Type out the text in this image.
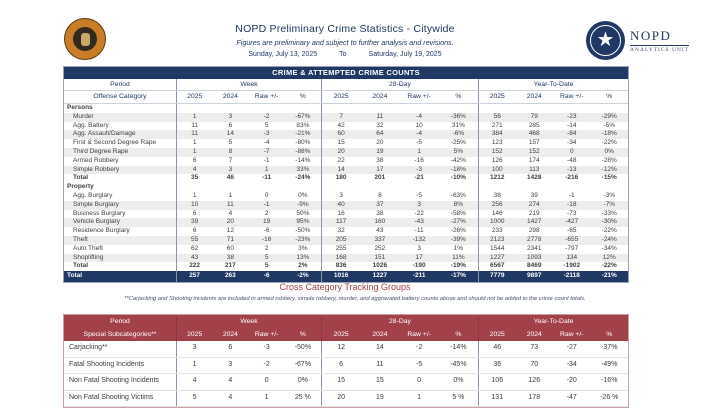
NOPD Preliminary Crime Statistics - Citywide
Figures are preliminary and subject to further analysis and revisions.
Sunday, July 13, 2025	To	Saturday, July 19, 2025
★ NOPD
ANALYTICS UNIT
CRIME & ATTEMPTED CRIME COUNTS
Period	Week	28-Day	Year-To-Date
Offense Category	2025	2024	Raw +/-	%	2025	2024	Raw +/-	%	2025	2024	Raw +/-	%
Persons
Murder	1	3	-2	-67%	7	11	-4	-36%	56	79	-23	-29%
Agg. Battery	11	6	5	83%	42	32	10	31%	271	285	-14	-5%
Agg. Assault/Damage	11	14	-3	-21%	60	64	-4	-6%	384	468	-84	-18%
First & Second Degree Rape	1	5	-4	-80%	15	20	-5	-25%	123	157	-34	-22%
Third Degree Rape	1	8	-7	-88%	20	19	1	5%	152	152	0	0%
Armed Robbery	6	7	-1	-14%	22	38	-16	-42%	126	174	-48	-28%
Simple Robbery	4	3	1	33%	14	17	-3	-18%	100	113	-13	-12%
Total	35	46	-11	-24%	180	201	-21	-10%	1212	1428	-216	-15%
Property
Agg. Burglary	1	1	0	0%	3	8	-5	-63%	38	39	-1	-3%
Simple Burglary	10	11	-1	-9%	40	37	3	8%	256	274	-18	-7%
Business Burglary	6	4	2	50%	16	38	-22	-58%	146	219	-73	-33%
Vehicle Burglary	39	20	19	95%	117	160	-43	-27%	1000	1427	-427	-30%
Residence Burglary	6	12	-6	-50%	32	43	-11	-26%	233	298	-65	-22%
Theft	55	71	-16	-23%	205	337	-132	-39%	2123	2778	-655	-24%
Auto Theft	62	60	2	3%	255	252	3	1%	1544	2341	-797	-34%
Shoplifting	43	38	5	13%	168	151	17	11%	1227	1093	134	12%
Total	222	217	5	2%	836	1026	-190	-19%	6567	8469	-1902	-22%
Total	257	263	-6	-2%	1016	1227	-211	-17%	7779	9897	-2118	-21%
Cross Category Tracking Groups
**Carjacking and Shooting incidents are included in armed robbery, simple robbery, murder, and aggravated battery counts above and should not be added to the crime count totals.
Period	Week	28-Day	Year-To-Date
Special Subcategories**	2025	2024	Raw +/-	%	2025	2024	Raw +/-	%	2025	2024	Raw +/-	%
Carjacking**	3	6	-3	-50%	12	14	-2	-14%	46	73	-27	-37%
Fatal Shooting Incidents	1	3	-2	-67%	6	11	-5	-45%	36	70	-34	-49%
Non Fatal Shooting Incidents	4	4	0	0%	15	15	0	0%	106	126	-20	-16%
Non Fatal Shooting Victims	5	4	1	25 %	20	19	1	5 %	131	178	-47	-26 %
